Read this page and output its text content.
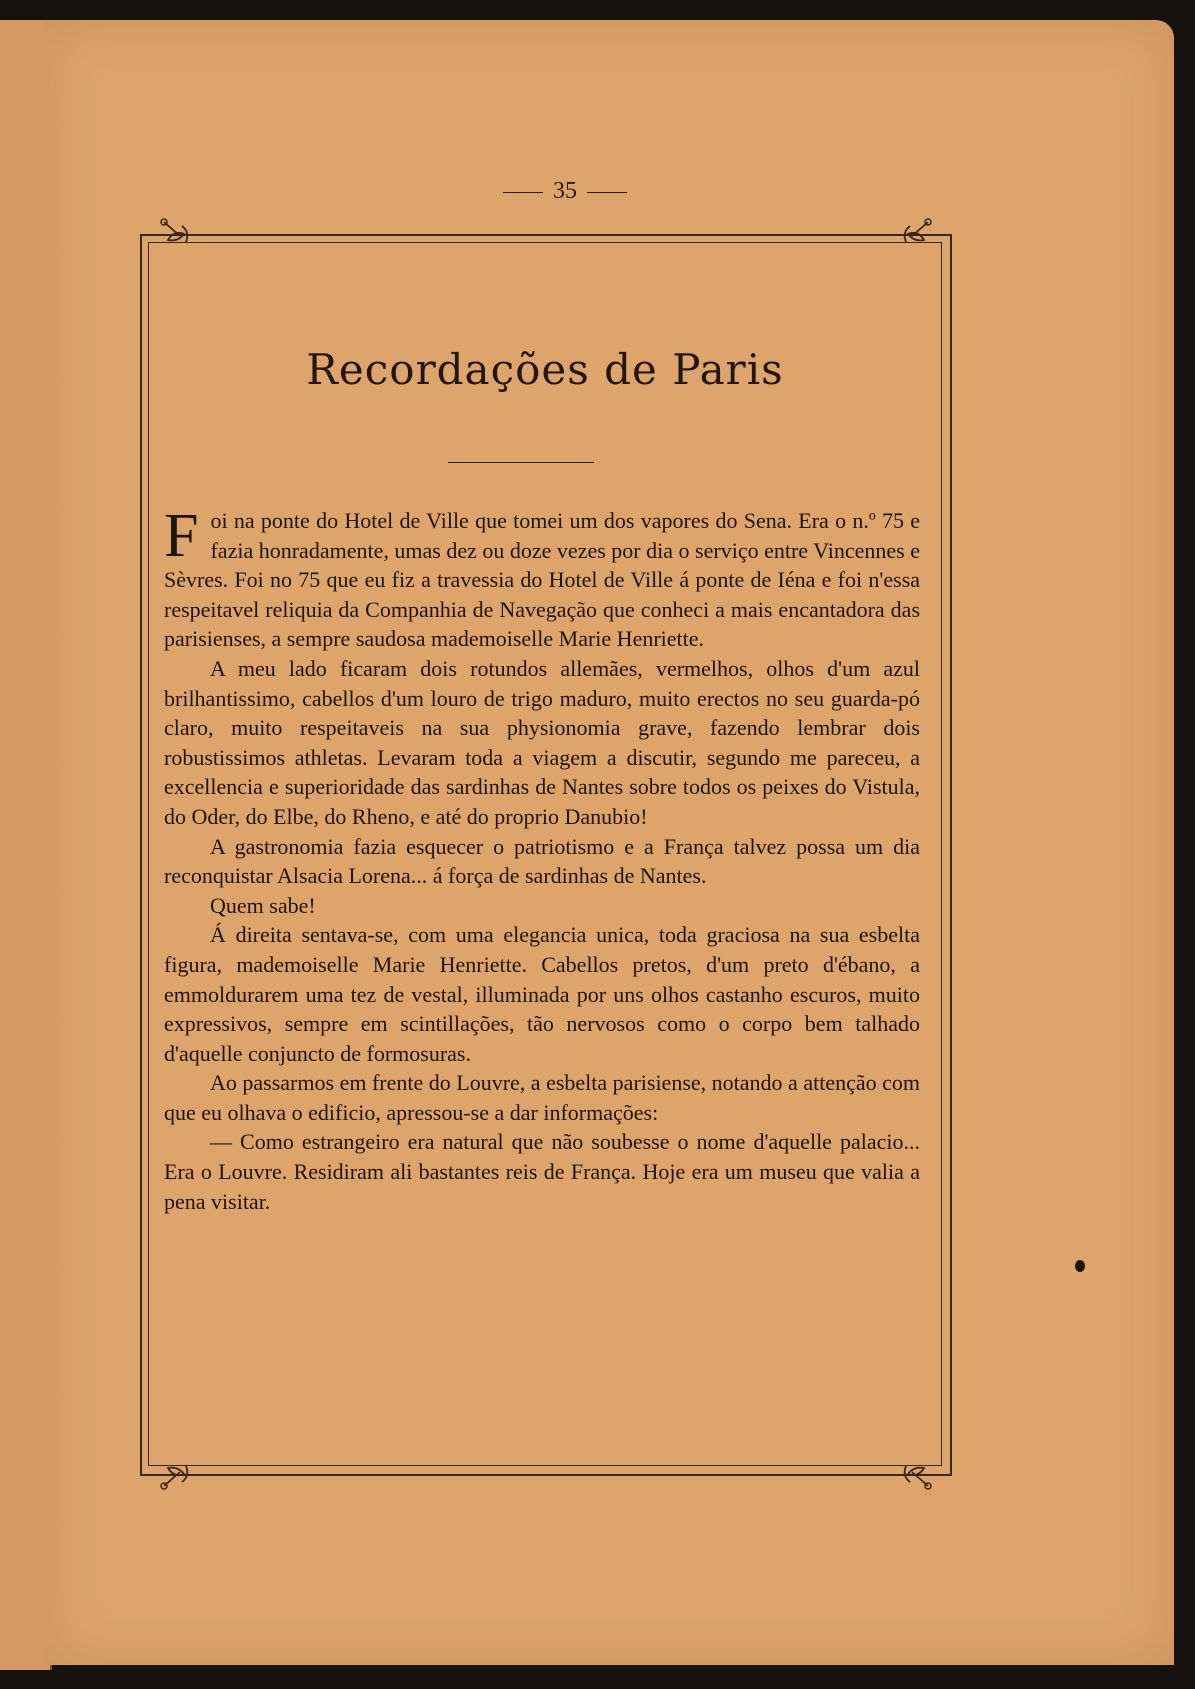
35
Recordações de Paris

Foi na ponte do Hotel de Ville que tomei um dos vapores do Sena. Era o n.º 75 e fazia honradamente, umas dez ou doze vezes por dia o serviço entre Vincennes e Sèvres. Foi no 75 que eu fiz a travessia do Hotel de Ville á ponte de Iéna e foi n'essa respeitavel reliquia da Companhia de Navegação que conheci a mais encantadora das parisienses, a sempre saudosa mademoiselle Marie Henriette.

A meu lado ficaram dois rotundos allemães, vermelhos, olhos d'um azul brilhantissimo, cabellos d'um louro de trigo maduro, muito erectos no seu guarda-pó claro, muito respeitaveis na sua physionomia grave, fazendo lembrar dois robustissimos athletas. Levaram toda a viagem a discutir, segundo me pareceu, a excellencia e superioridade das sardinhas de Nantes sobre todos os peixes do Vistula, do Oder, do Elbe, do Rheno, e até do proprio Danubio!

A gastronomia fazia esquecer o patriotismo e a França talvez possa um dia reconquistar Alsacia Lorena... á força de sardinhas de Nantes.

Quem sabe!

Á direita sentava-se, com uma elegancia unica, toda graciosa na sua esbelta figura, mademoiselle Marie Henriette. Cabellos pretos, d'um preto d'ébano, a emmoldurarem uma tez de vestal, illuminada por uns olhos castanho escuros, muito expressivos, sempre em scintillações, tão nervosos como o corpo bem talhado d'aquelle conjuncto de formosuras.

Ao passarmos em frente do Louvre, a esbelta parisiense, notando a attenção com que eu olhava o edificio, apressou-se a dar informações:

— Como estrangeiro era natural que não soubesse o nome d'aquelle palacio... Era o Louvre. Residiram ali bastantes reis de França. Hoje era um museu que valia a pena visitar.
